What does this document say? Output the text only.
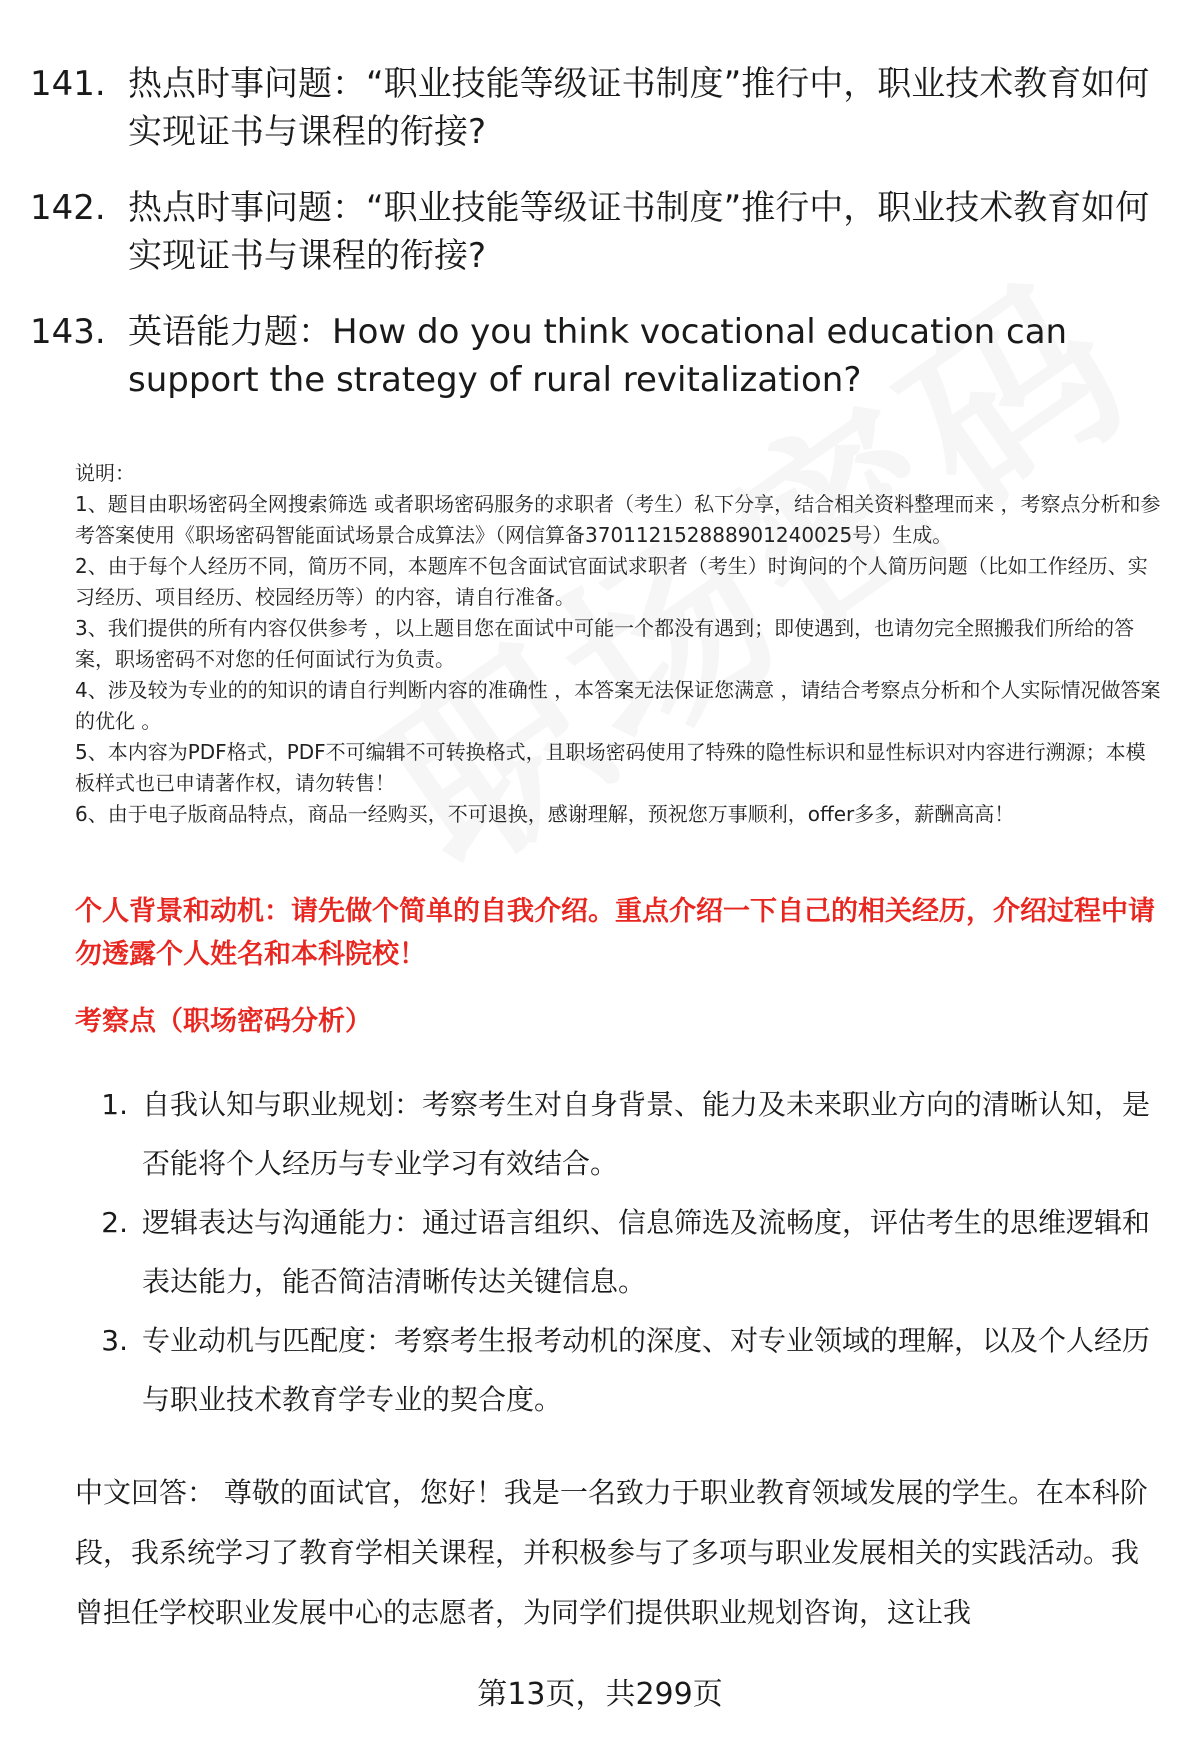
141. 热点时事问题：“职业技能等级证书制度”推行中，职业技术教育如何实现证书与课程的衔接?
142. 热点时事问题：“职业技能等级证书制度”推行中，职业技术教育如何实现证书与课程的衔接?
143. 英语能力题：How do you think vocational education can support the strategy of rural revitalization?

说明：

1、题目由职场密码全网搜索筛选 或者职场密码服务的求职者（考生）私下分享，结合相关资料整理而来 ，考察点分析和参考答案使用《职场密码智能面试场景合成算法》（网信算备370112152888901240025号）生成。

2、由于每个人经历不同，简历不同，本题库不包含面试官面试求职者（考生）时询问的个人简历问题（比如工作经历、实习经历、项目经历、校园经历等）的内容，请自行准备。

3、我们提供的所有内容仅供参考 ，以上题目您在面试中可能一个都没有遇到；即使遇到，也请勿完全照搬我们所给的答案，职场密码不对您的任何面试行为负责。

4、涉及较为专业的的知识的请自行判断内容的准确性 ，本答案无法保证您满意 ，请结合考察点分析和个人实际情况做答案的优化 。

5、本内容为PDF格式，PDF不可编辑不可转换格式，且职场密码使用了特殊的隐性标识和显性标识对内容进行溯源；本模板样式也已申请著作权，请勿转售！

6、由于电子版商品特点，商品一经购买，不可退换，感谢理解，预祝您万事顺利，offer多多，薪酬高高！

个人背景和动机：请先做个简单的自我介绍。重点介绍一下自己的相关经历，介绍过程中请勿透露个人姓名和本科院校！
考察点（职场密码分析）
1. 自我认知与职业规划：考察考生对自身背景、能力及未来职业方向的清晰认知，是否能将个人经历与专业学习有效结合。
2. 逻辑表达与沟通能力：通过语言组织、信息筛选及流畅度，评估考生的思维逻辑和表达能力，能否简洁清晰传达关键信息。
3. 专业动机与匹配度：考察考生报考动机的深度、对专业领域的理解，以及个人经历与职业技术教育学专业的契合度。
中文回答： 尊敬的面试官，您好！我是一名致力于职业教育领域发展的学生。在本科阶段，我系统学习了教育学相关课程，并积极参与了多项与职业发展相关的实践活动。我曾担任学校职业发展中心的志愿者，为同学们提供职业规划咨询，这让我
第13页，共299页
